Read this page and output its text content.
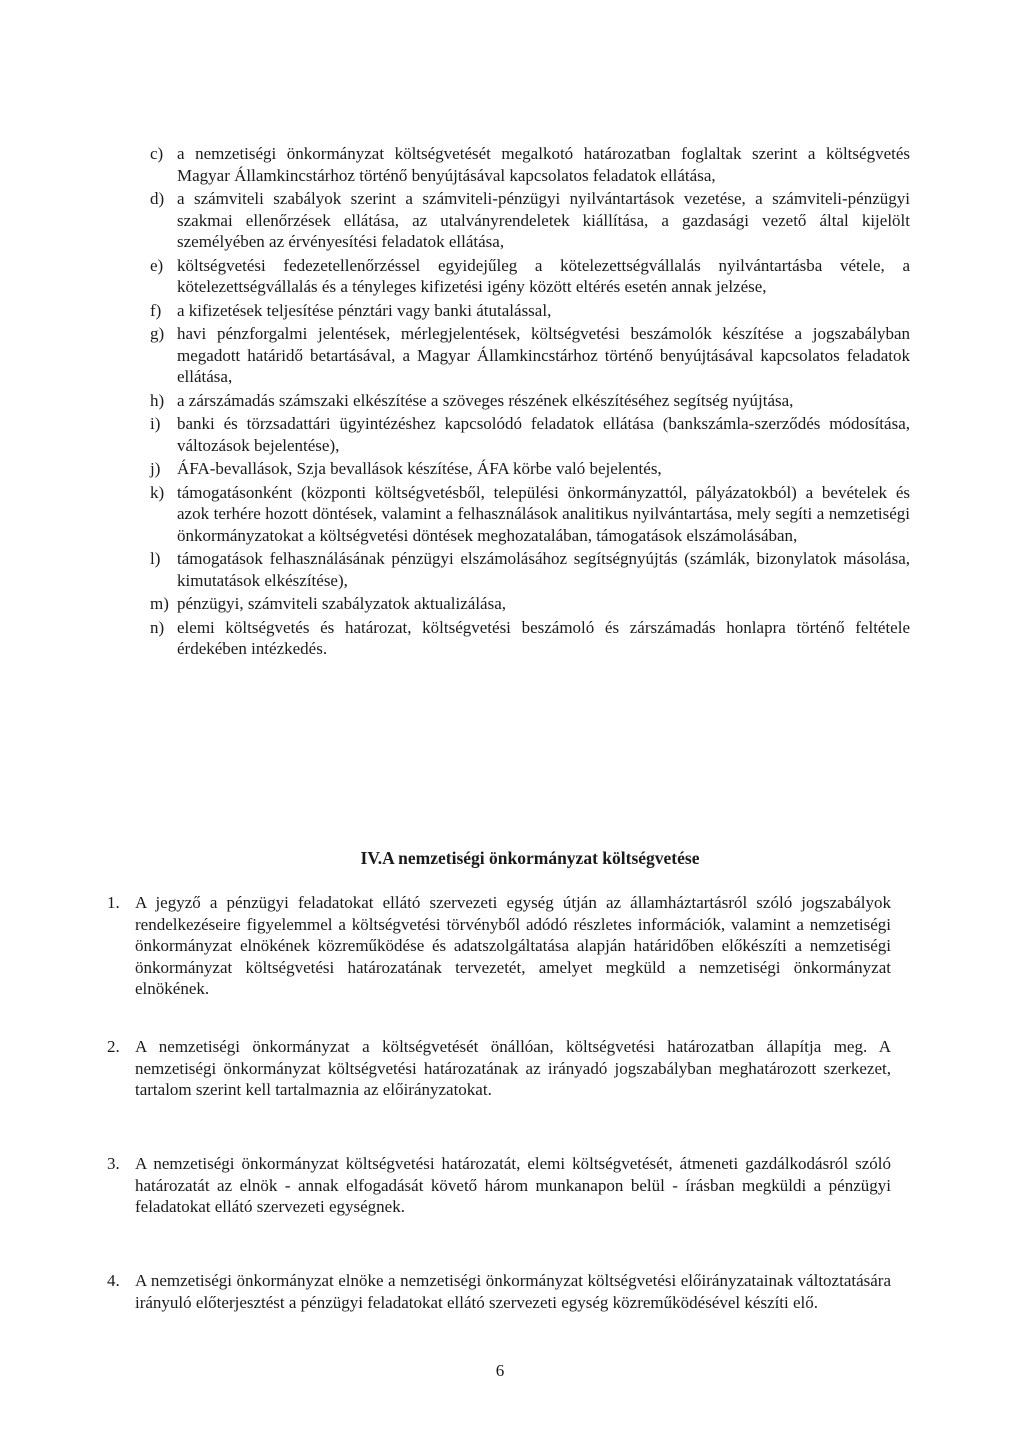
c) a nemzetiségi önkormányzat költségvetését megalkotó határozatban foglaltak szerint a költségvetés Magyar Államkincstárhoz történő benyújtásával kapcsolatos feladatok ellátása,
d) a számviteli szabályok szerint a számviteli-pénzügyi nyilvántartások vezetése, a számviteli-pénzügyi szakmai ellenőrzések ellátása, az utalványrendeletek kiállítása, a gazdasági vezető által kijelölt személyében az érvényesítési feladatok ellátása,
e) költségvetési fedezetellenőrzéssel egyidejűleg a kötelezettségvállalás nyilvántartásba vétele, a kötelezettségvállalás és a tényleges kifizetési igény között eltérés esetén annak jelzése,
f) a kifizetések teljesítése pénztári vagy banki átutalással,
g) havi pénzforgalmi jelentések, mérlegjelentések, költségvetési beszámolók készítése a jogszabályban megadott határidő betartásával, a Magyar Államkincstárhoz történő benyújtásával kapcsolatos feladatok ellátása,
h) a zárszámadás számszaki elkészítése a szöveges részének elkészítéséhez segítség nyújtása,
i) banki és törzsadattári ügyintézéshez kapcsolódó feladatok ellátása (bankszámla-szerződés módosítása, változások bejelentése),
j) ÁFA-bevallások, Szja bevallások készítése, ÁFA körbe való bejelentés,
k) támogatásonként (központi költségvetésből, települési önkormányzattól, pályázatokból) a bevételek és azok terhére hozott döntések, valamint a felhasználások analitikus nyilvántartása, mely segíti a nemzetiségi önkormányzatokat a költségvetési döntések meghozatalában, támogatások elszámolásában,
l) támogatások felhasználásának pénzügyi elszámolásához segítségnyújtás (számlák, bizonylatok másolása, kimutatások elkészítése),
m) pénzügyi, számviteli szabályzatok aktualizálása,
n) elemi költségvetés és határozat, költségvetési beszámoló és zárszámadás honlapra történő feltétele érdekében intézkedés.
IV.A nemzetiségi önkormányzat költségvetése
1. A jegyző a pénzügyi feladatokat ellátó szervezeti egység útján az államháztartásról szóló jogszabályok rendelkezéseire figyelemmel a költségvetési törvényből adódó részletes információk, valamint a nemzetiségi önkormányzat elnökének közreműködése és adatszolgáltatása alapján határidőben előkészíti a nemzetiségi önkormányzat költségvetési határozatának tervezetét, amelyet megküld a nemzetiségi önkormányzat elnökének.
2. A nemzetiségi önkormányzat a költségvetését önállóan, költségvetési határozatban állapítja meg. A nemzetiségi önkormányzat költségvetési határozatának az irányadó jogszabályban meghatározott szerkezet, tartalom szerint kell tartalmaznia az előirányzatokat.
3. A nemzetiségi önkormányzat költségvetési határozatát, elemi költségvetését, átmeneti gazdálkodásról szóló határozatát az elnök - annak elfogadását követő három munkanapon belül - írásban megküldi a pénzügyi feladatokat ellátó szervezeti egységnek.
4. A nemzetiségi önkormányzat elnöke a nemzetiségi önkormányzat költségvetési előirányzatainak változtatására irányuló előterjesztést a pénzügyi feladatokat ellátó szervezeti egység közreműködésével készíti elő.
6
